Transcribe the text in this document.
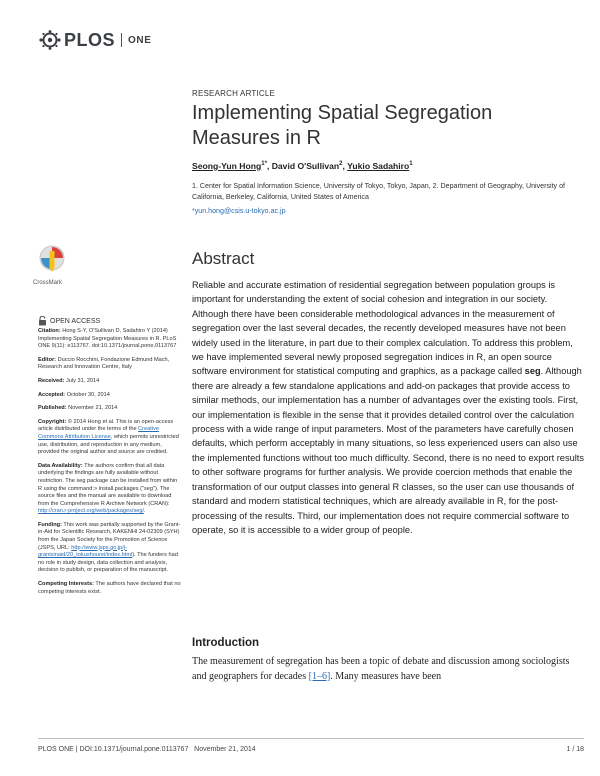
PLOS ONE
RESEARCH ARTICLE
Implementing Spatial Segregation Measures in R
Seong-Yun Hong$^{1*}$, David O'Sullivan$^2$, Yukio Sadahiro$^1$
1. Center for Spatial Information Science, University of Tokyo, Tokyo, Japan, 2. Department of Geography, University of California, Berkeley, California, United States of America
*yun.hong@csis.u-tokyo.ac.jp
Abstract
Reliable and accurate estimation of residential segregation between population groups is important for understanding the extent of social cohesion and integration in our society. Although there have been considerable methodological advances in the measurement of segregation over the last several decades, the recently developed measures have not been widely used in the literature, in part due to their complex calculation. To address this problem, we have implemented several newly proposed segregation indices in R, an open source software environment for statistical computing and graphics, as a package called seg. Although there are already a few standalone applications and add-on packages that provide access to similar methods, our implementation has a number of advantages over the existing tools. First, our implementation is flexible in the sense that it provides detailed control over the calculation process with a wide range of input parameters. Most of the parameters have carefully chosen defaults, which perform acceptably in many situations, so less experienced users can also use the implemented functions without too much difficulty. Second, there is no need to export results to other software programs for further analysis. We provide coercion methods that enable the transformation of our output classes into general R classes, so the user can use thousands of standard and modern statistical techniques, which are already available in R, for the post-processing of the results. Third, our implementation does not require commercial software to operate, so it is accessible to a wider group of people.
Introduction
The measurement of segregation has been a topic of debate and discussion among sociologists and geographers for decades [1–6]. Many measures have been
CrossMark
OPEN ACCESS
Citation: Hong S-Y, O'Sullivan D, Sadahiro Y (2014) Implementing Spatial Segregation Measures in R. PLoS ONE 9(11): e113767. doi:10.1371/journal.pone.0113767
Editor: Duccio Rocchini, Fondazione Edmund Mach, Research and Innovation Centre, Italy
Received: July 31, 2014
Accepted: October 30, 2014
Published: November 21, 2014
Copyright: © 2014 Hong et al. This is an open-access article distributed under the terms of the Creative Commons Attribution License, which permits unrestricted use, distribution, and reproduction in any medium, provided the original author and source are credited.
Data Availability: The authors confirm that all data underlying the findings are fully available without restriction. The seg package can be installed from within R using the command:> install.packages ("seg"). The source files and the manual are available to download from the Comprehensive R Archive Network (CRAN): http://cran.r-project.org/web/packages/seg/.
Funding: This work was partially supported by the Grant-in-Aid for Scientific Research, KAKENHI 24-02309 (SYH) from the Japan Society for the Promotion of Science (JSPS, URL: http://www.jsps.go.jp/j-grantsinaid/20_tokushourei/index.html). The funders had no role in study design, data collection and analysis, decision to publish, or preparation of the manuscript.
Competing Interests: The authors have declared that no competing interests exist.
PLOS ONE | DOI:10.1371/journal.pone.0113767   November 21, 2014	1 / 18
